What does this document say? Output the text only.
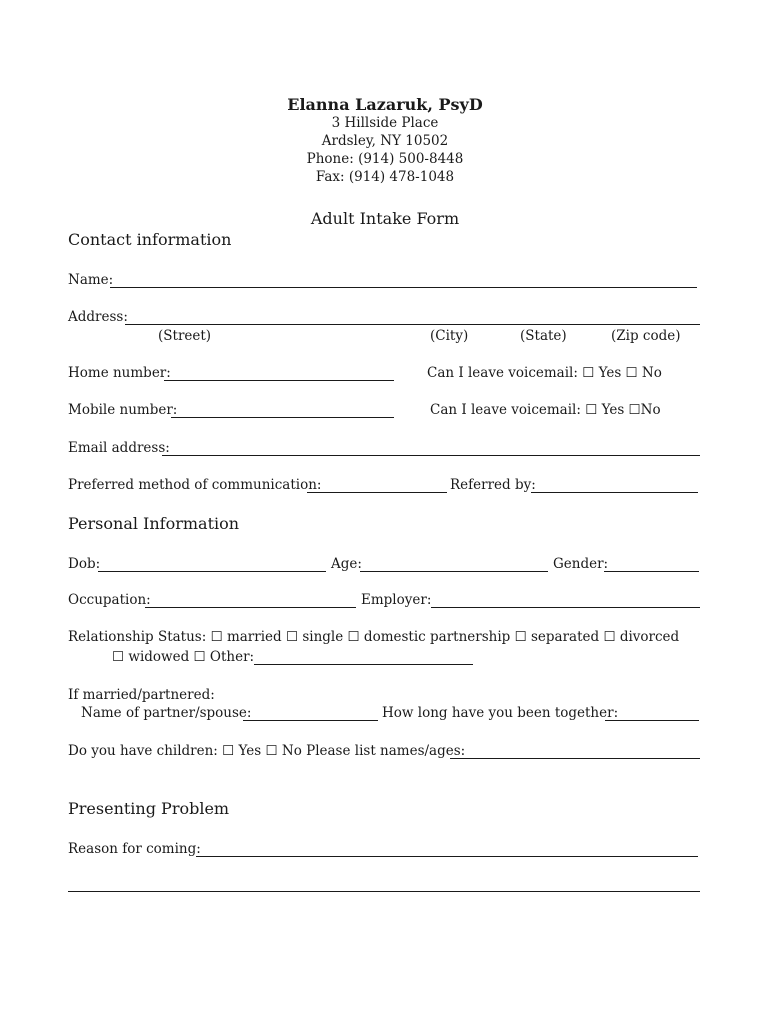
Elanna Lazaruk, PsyD
3 Hillside Place
Ardsley, NY 10502
Phone: (914) 500-8448
Fax: (914) 478-1048
Adult Intake Form
Contact information
Name:
Address:
(Street)	(City)	(State)	(Zip code)
Home number:	Can I leave voicemail: ☐ Yes ☐ No
Mobile number:	Can I leave voicemail: ☐ Yes ☐No
Email address:
Preferred method of communication:	Referred by:
Personal Information
Dob:	Age:	Gender:
Occupation:	Employer:
Relationship Status: ☐ married ☐ single ☐ domestic partnership ☐ separated ☐ divorced
☐ widowed ☐ Other:
If married/partnered:
Name of partner/spouse:	How long have you been together:
Do you have children: ☐ Yes ☐ No Please list names/ages:
Presenting Problem
Reason for coming:
